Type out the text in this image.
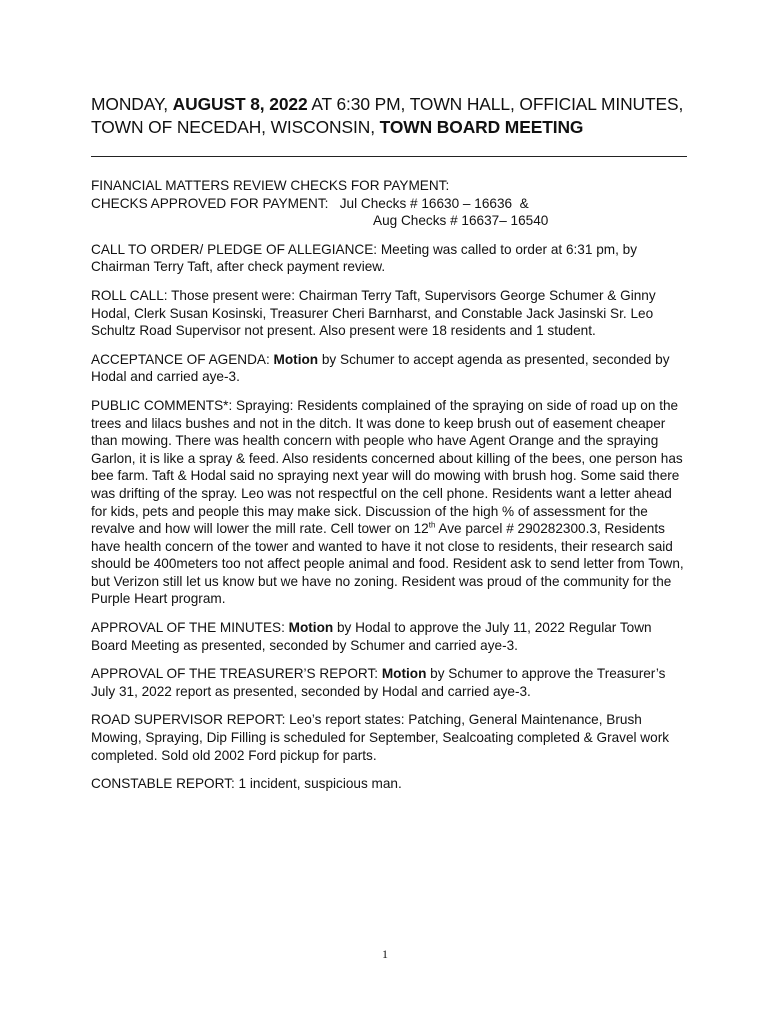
MONDAY, AUGUST 8, 2022 AT 6:30 PM, TOWN HALL, OFFICIAL MINUTES, TOWN OF NECEDAH, WISCONSIN, TOWN BOARD MEETING

FINANCIAL MATTERS REVIEW CHECKS FOR PAYMENT:
CHECKS APPROVED FOR PAYMENT:   Jul Checks # 16630 – 16636  &

Aug Checks # 16637– 16540

CALL TO ORDER/ PLEDGE OF ALLEGIANCE: Meeting was called to order at 6:31 pm, by Chairman Terry Taft, after check payment review.

ROLL CALL: Those present were: Chairman Terry Taft, Supervisors George Schumer & Ginny Hodal, Clerk Susan Kosinski, Treasurer Cheri Barnharst, and Constable Jack Jasinski Sr. Leo Schultz Road Supervisor not present. Also present were 18 residents and 1 student.

ACCEPTANCE OF AGENDA: Motion by Schumer to accept agenda as presented, seconded by Hodal and carried aye-3.

PUBLIC COMMENTS*: Spraying: Residents complained of the spraying on side of road up on the trees and lilacs bushes and not in the ditch. It was done to keep brush out of easement cheaper than mowing. There was health concern with people who have Agent Orange and the spraying Garlon, it is like a spray & feed. Also residents concerned about killing of the bees, one person has bee farm. Taft & Hodal said no spraying next year will do mowing with brush hog. Some said there was drifting of the spray. Leo was not respectful on the cell phone. Residents want a letter ahead for kids, pets and people this may make sick. Discussion of the high % of assessment for the revalve and how will lower the mill rate. Cell tower on 12th Ave parcel # 290282300.3, Residents have health concern of the tower and wanted to have it not close to residents, their research said should be 400meters too not affect people animal and food. Resident ask to send letter from Town, but Verizon still let us know but we have no zoning. Resident was proud of the community for the Purple Heart program.

APPROVAL OF THE MINUTES: Motion by Hodal to approve the July 11, 2022 Regular Town Board Meeting as presented, seconded by Schumer and carried aye-3.

APPROVAL OF THE TREASURER’S REPORT: Motion by Schumer to approve the Treasurer’s July 31, 2022 report as presented, seconded by Hodal and carried aye-3.

ROAD SUPERVISOR REPORT: Leo’s report states: Patching, General Maintenance, Brush Mowing, Spraying, Dip Filling is scheduled for September, Sealcoating completed & Gravel work completed. Sold old 2002 Ford pickup for parts.

CONSTABLE REPORT: 1 incident, suspicious man.

1
